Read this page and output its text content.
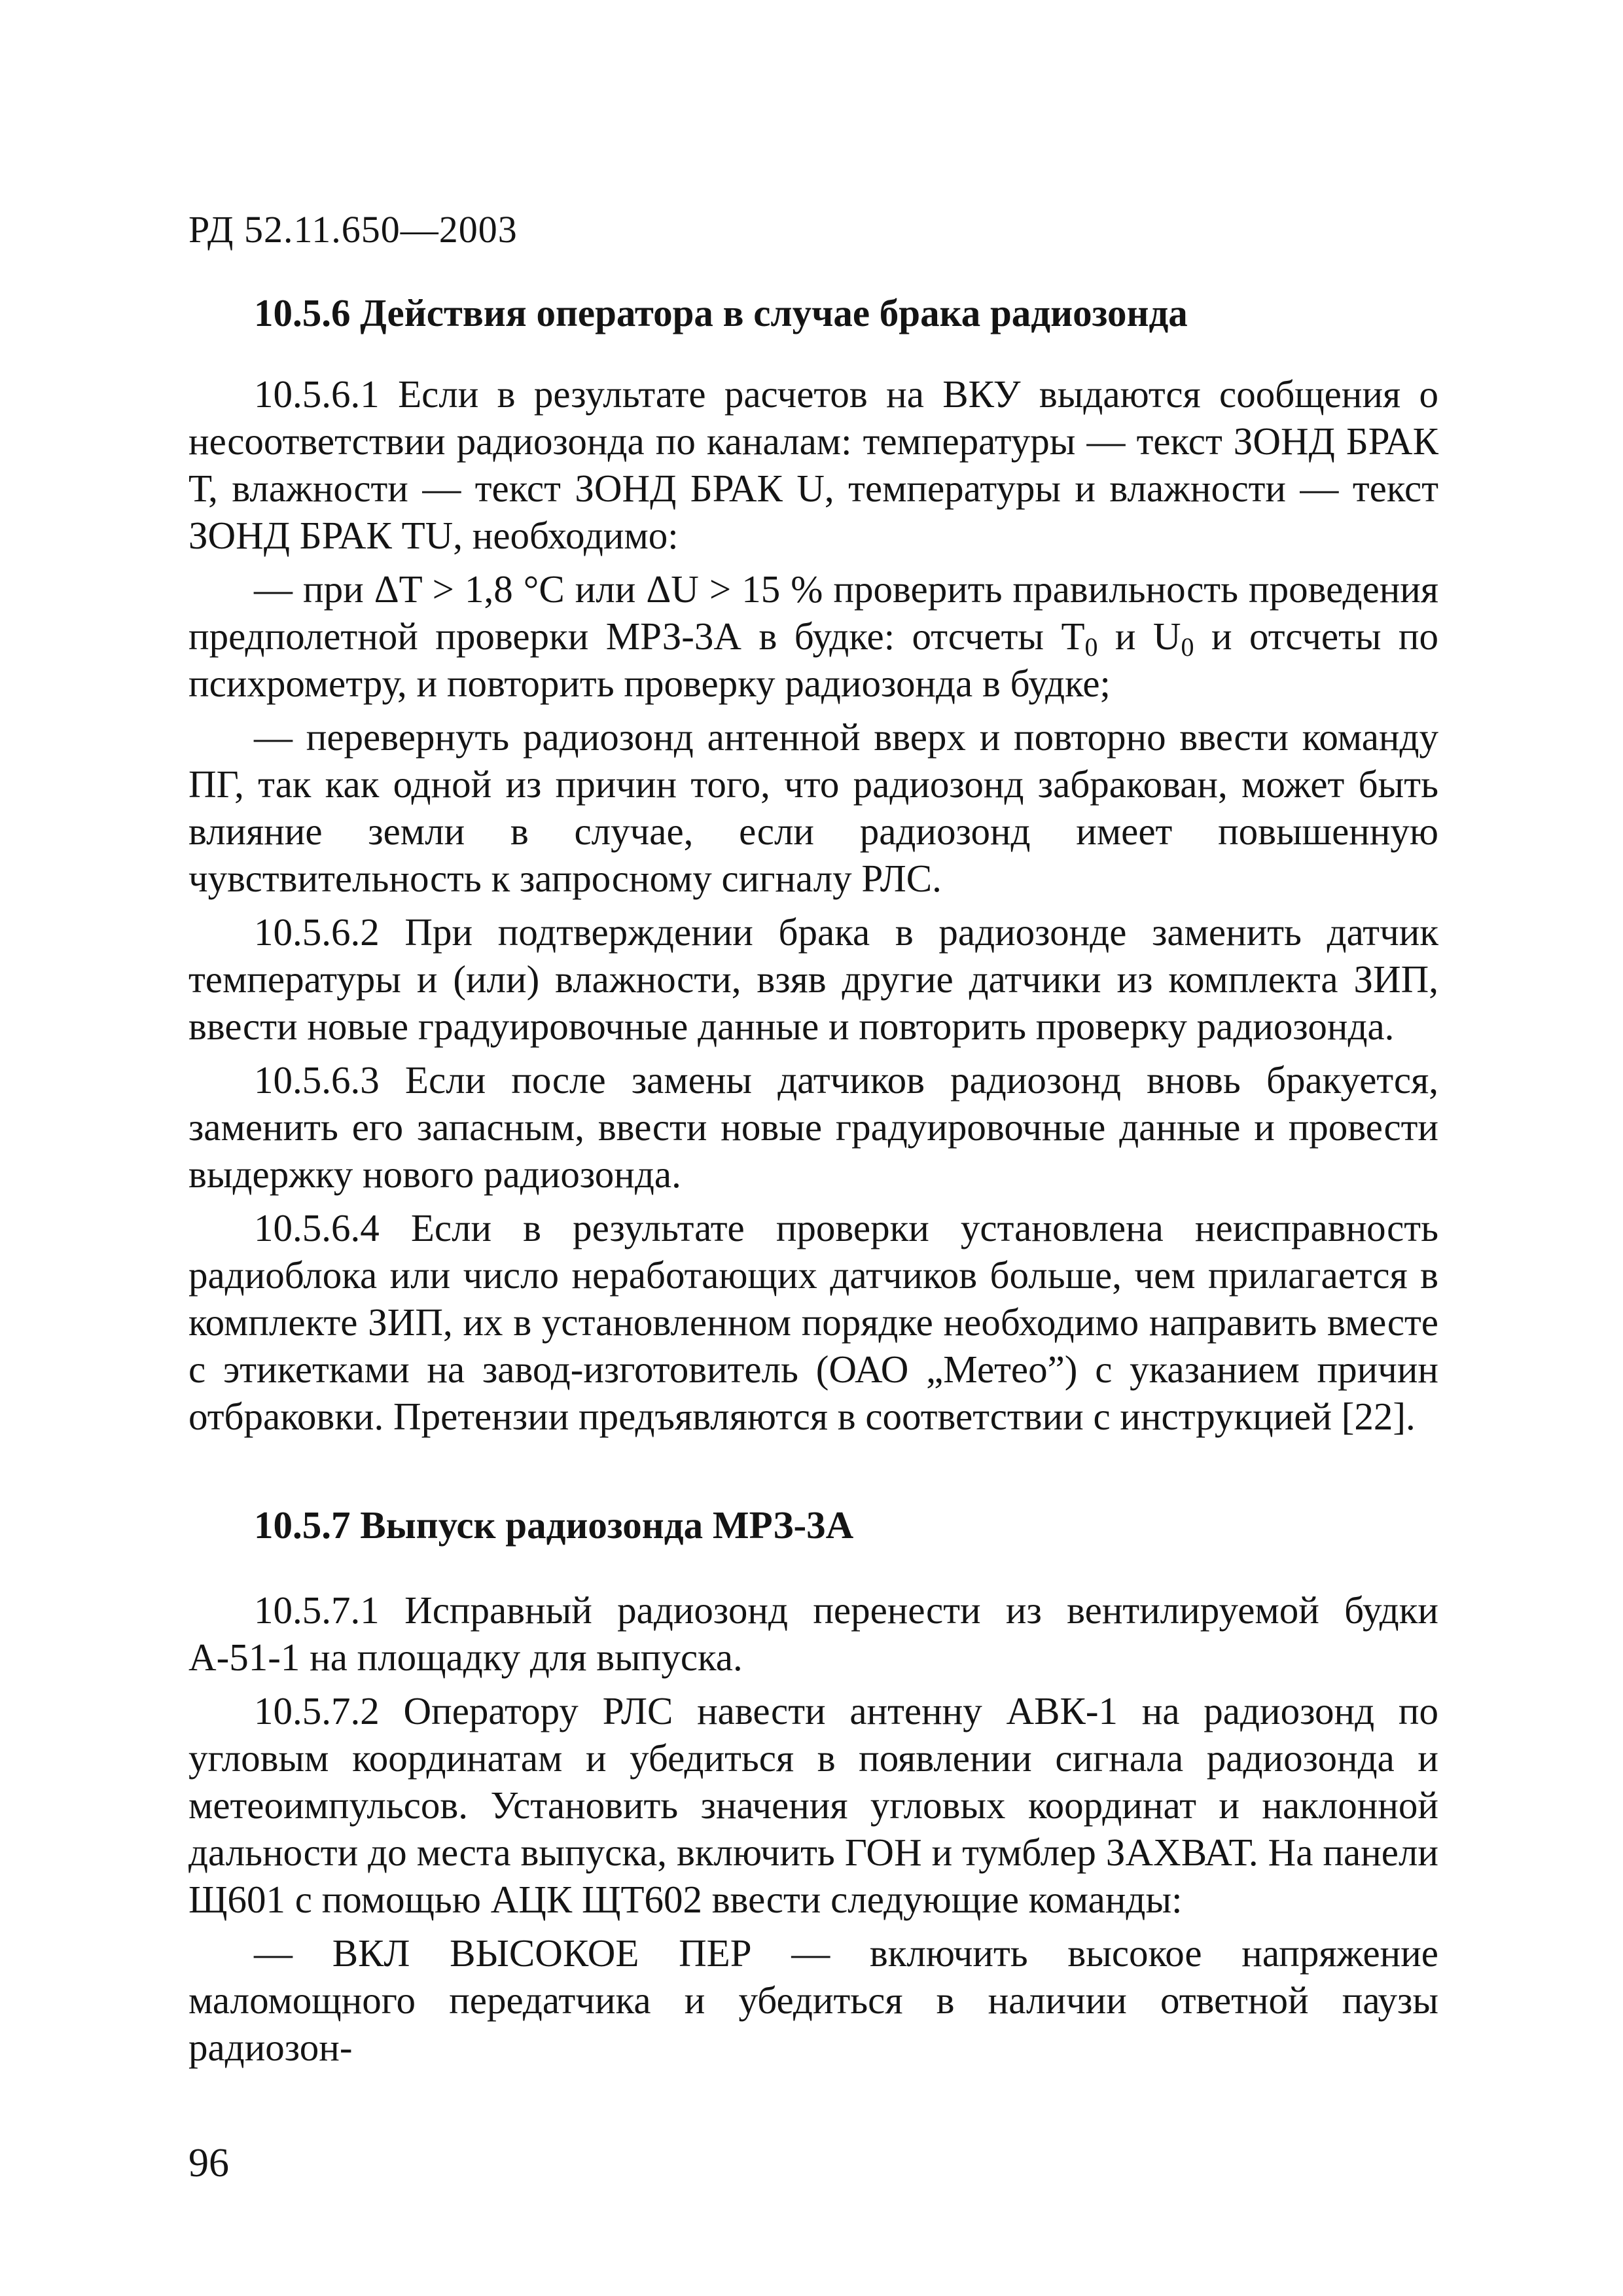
РД 52.11.650—2003
10.5.6 Действия оператора в случае брака радиозонда

10.5.6.1 Если в результате расчетов на ВКУ выдаются сообщения о несоответствии радиозонда по каналам: температуры — текст ЗОНД БРАК Т, влажности — текст ЗОНД БРАК U, температуры и влажности — текст ЗОНД БРАК TU, необходимо:

— при ΔT > 1,8 °С или ΔU > 15 % проверить правильность проведения предполетной проверки МРЗ-3А в будке: отсчеты $T_0$ и $U_0$ и отсчеты по психрометру, и повторить проверку радиозонда в будке;

— перевернуть радиозонд антенной вверх и повторно ввести команду ПГ, так как одной из причин того, что радиозонд забракован, может быть влияние земли в случае, если радиозонд имеет повышенную чувствительность к запросному сигналу РЛС.

10.5.6.2 При подтверждении брака в радиозонде заменить датчик температуры и (или) влажности, взяв другие датчики из комплекта ЗИП, ввести новые градуировочные данные и повторить проверку радиозонда.

10.5.6.3 Если после замены датчиков радиозонд вновь бракуется, заменить его запасным, ввести новые градуировочные данные и провести выдержку нового радиозонда.

10.5.6.4 Если в результате проверки установлена неисправность радиоблока или число неработающих датчиков больше, чем прилагается в комплекте ЗИП, их в установленном порядке необходимо направить вместе с этикетками на завод-изготовитель (ОАО „Метео”) с указанием причин отбраковки. Претензии предъявляются в соответствии с инструкцией [22].

10.5.7 Выпуск радиозонда МРЗ-3А

10.5.7.1 Исправный радиозонд перенести из вентилируемой будки А-51-1 на площадку для выпуска.

10.5.7.2 Оператору РЛС навести антенну АВК-1 на радиозонд по угловым координатам и убедиться в появлении сигнала радиозонда и метеоимпульсов. Установить значения угловых координат и наклонной дальности до места выпуска, включить ГОН и тумблер ЗАХВАТ. На панели Щ601 с помощью АЦК ЩТ602 ввести следующие команды:

— ВКЛ ВЫСОКОЕ ПЕР — включить высокое напряжение маломощного передатчика и убедиться в наличии ответной паузы радиозон-

96
